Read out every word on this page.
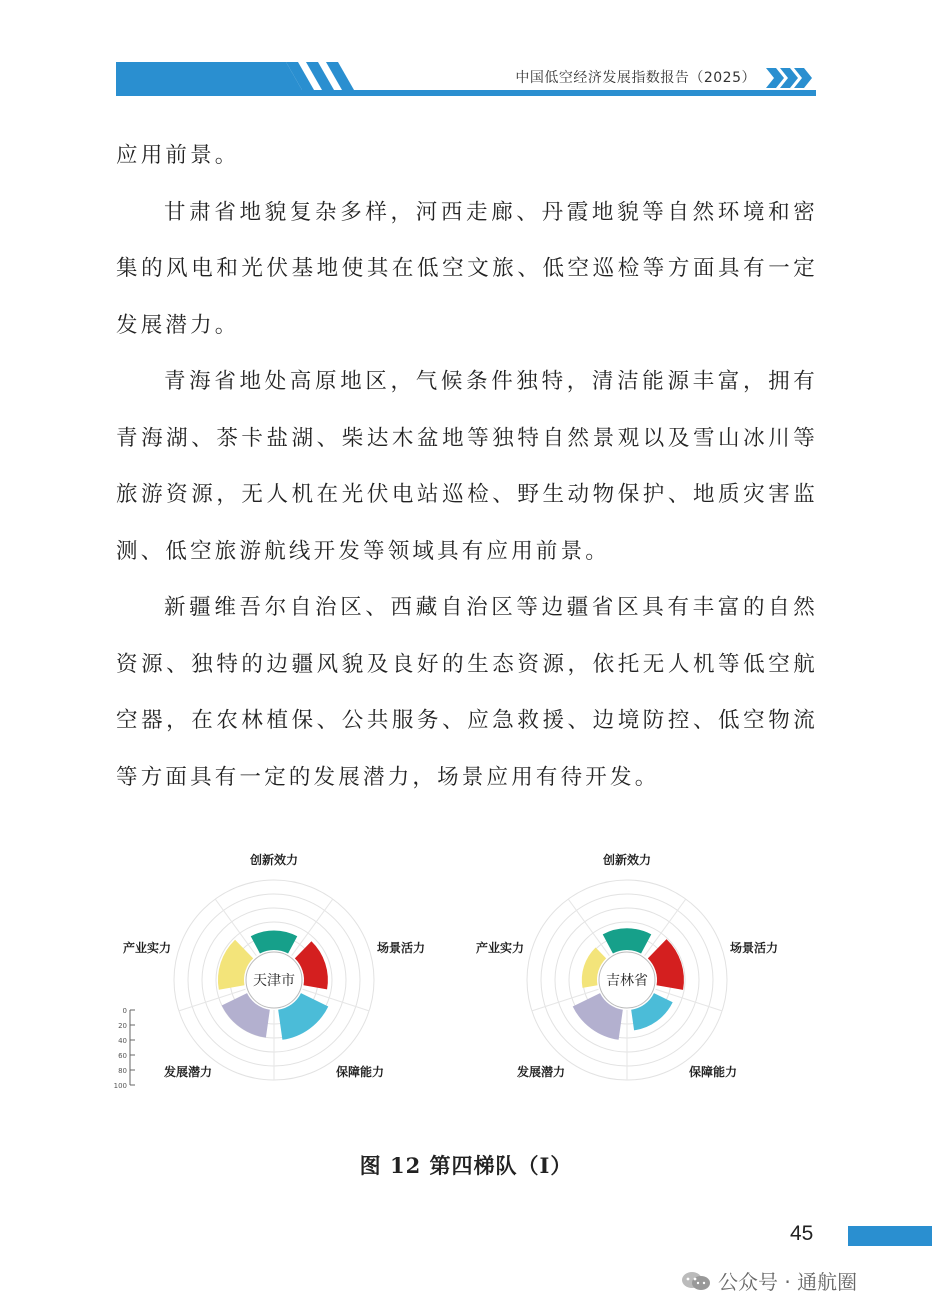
中国低空经济发展指数报告（2025）

应用前景。

甘肃省地貌复杂多样，河西走廊、丹霞地貌等自然环境和密集的风电和光伏基地使其在低空文旅、低空巡检等方面具有一定发展潜力。

青海省地处高原地区，气候条件独特，清洁能源丰富，拥有青海湖、茶卡盐湖、柴达木盆地等独特自然景观以及雪山冰川等旅游资源，无人机在光伏电站巡检、野生动物保护、地质灾害监测、低空旅游航线开发等领域具有应用前景。

新疆维吾尔自治区、西藏自治区等边疆省区具有丰富的自然资源、独特的边疆风貌及良好的生态资源，依托无人机等低空航空器，在农林植保、公共服务、应急救援、边境防控、低空物流等方面具有一定的发展潜力，场景应用有待开发。

创新效力
场景活力
保障能力
发展潜力
产业实力
天津市
创新效力
场景活力
保障能力
发展潜力
产业实力
吉林省
0
20
40
60
80
100
图 12 第四梯队（I）
45
公众号 · 通航圈
